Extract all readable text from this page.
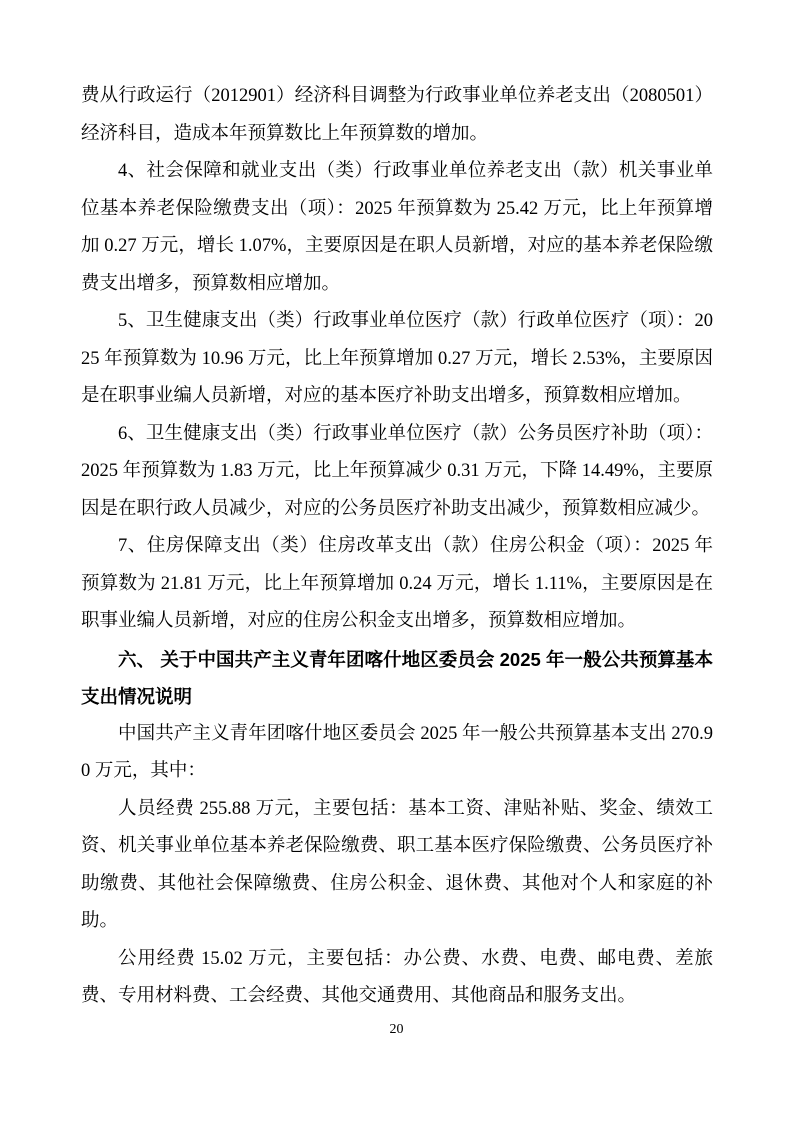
费从行政运行（2012901）经济科目调整为行政事业单位养老支出（2080501）经济科目，造成本年预算数比上年预算数的增加。

4、社会保障和就业支出（类）行政事业单位养老支出（款）机关事业单位基本养老保险缴费支出（项）：2025 年预算数为 25.42 万元，比上年预算增加 0.27 万元，增长 1.07%，主要原因是在职人员新增，对应的基本养老保险缴费支出增多，预算数相应增加。

5、卫生健康支出（类）行政事业单位医疗（款）行政单位医疗（项）：2025 年预算数为 10.96 万元，比上年预算增加 0.27 万元，增长 2.53%，主要原因是在职事业编人员新增，对应的基本医疗补助支出增多，预算数相应增加。

6、卫生健康支出（类）行政事业单位医疗（款）公务员医疗补助（项）：2025 年预算数为 1.83 万元，比上年预算减少 0.31 万元，下降 14.49%，主要原因是在职行政人员减少，对应的公务员医疗补助支出减少，预算数相应减少。

7、住房保障支出（类）住房改革支出（款）住房公积金（项）：2025 年预算数为 21.81 万元，比上年预算增加 0.24 万元，增长 1.11%，主要原因是在职事业编人员新增，对应的住房公积金支出增多，预算数相应增加。

六、 关于中国共产主义青年团喀什地区委员会 2025 年一般公共预算基本支出情况说明

中国共产主义青年团喀什地区委员会 2025 年一般公共预算基本支出 270.90 万元，其中：

人员经费 255.88 万元，主要包括：基本工资、津贴补贴、奖金、绩效工资、机关事业单位基本养老保险缴费、职工基本医疗保险缴费、公务员医疗补助缴费、其他社会保障缴费、住房公积金、退休费、其他对个人和家庭的补助。

公用经费 15.02 万元，主要包括：办公费、水费、电费、邮电费、差旅费、专用材料费、工会经费、其他交通费用、其他商品和服务支出。

20
